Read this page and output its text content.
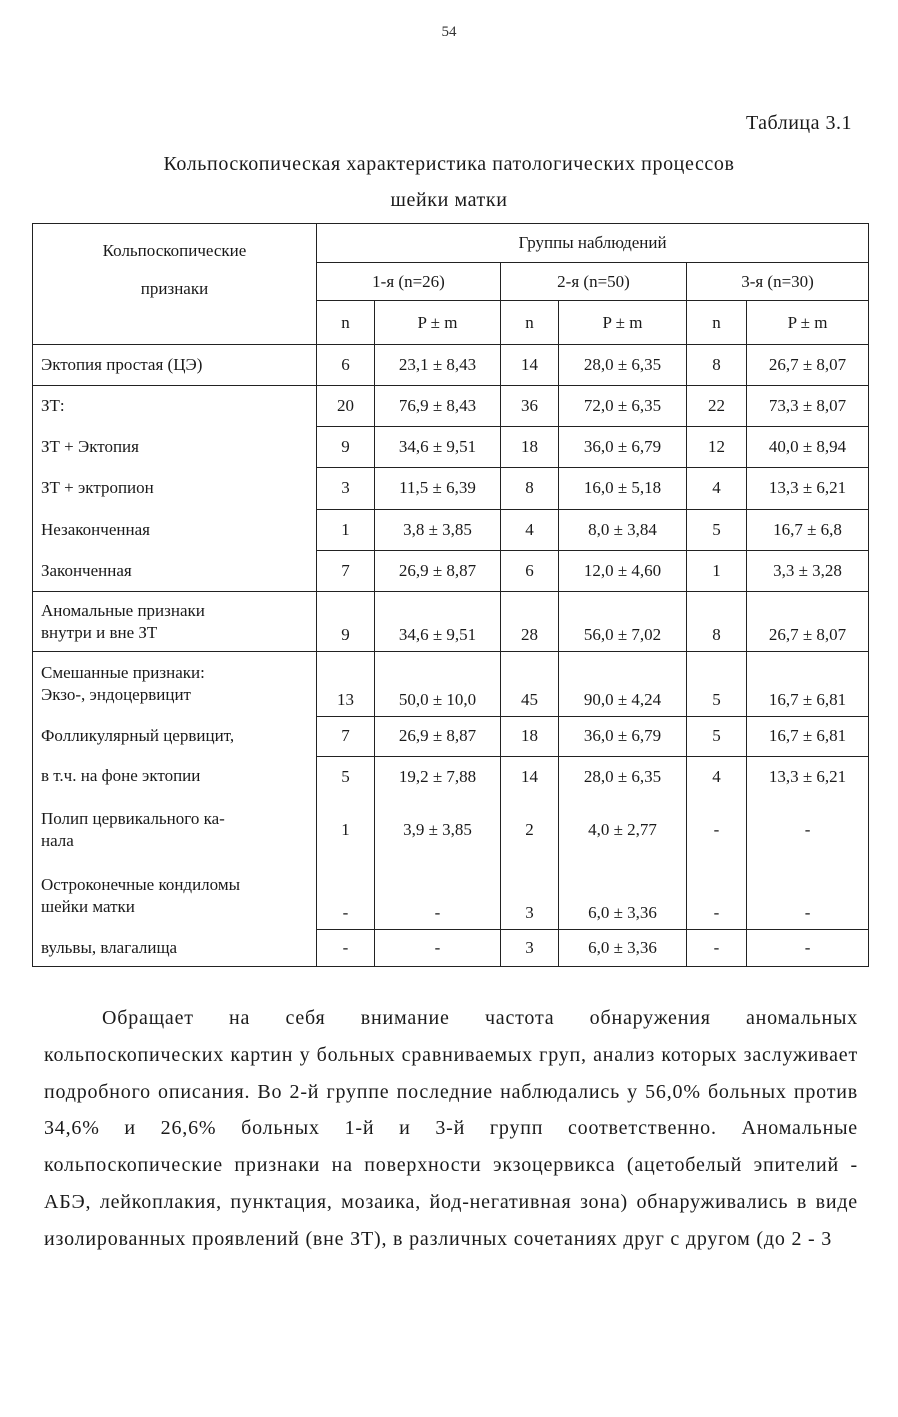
54
Таблица 3.1
Кольпоскопическая характеристика патологических процессов
шейки матки
Кольпоскопические
признаки	Группы наблюдений					
	1-я (n=26)		2-я (n=50)		3-я (n=30)	
	n	P ± m	n	P ± m	n	P ± m
Эктопия простая (ЦЭ)	6	23,1 ± 8,43	14	28,0 ± 6,35	8	26,7 ± 8,07
ЗТ:	20	76,9 ± 8,43	36	72,0 ± 6,35	22	73,3 ± 8,07
ЗТ + Эктопия	9	34,6 ± 9,51	18	36,0 ± 6,79	12	40,0 ± 8,94
ЗТ + эктропион	3	11,5 ± 6,39	8	16,0 ± 5,18	4	13,3 ± 6,21
Незаконченная	1	3,8 ± 3,85	4	8,0 ± 3,84	5	16,7 ± 6,8
Законченная	7	26,9 ± 8,87	6	12,0 ± 4,60	1	3,3 ± 3,28
Аномальные признаки
внутри и вне ЗТ	9	34,6 ± 9,51	28	56,0 ± 7,02	8	26,7 ± 8,07
Смешанные признаки:
Экзо-, эндоцервицит	13	50,0 ± 10,0	45	90,0 ± 4,24	5	16,7 ± 6,81
Фолликулярный цервицит,	7	26,9 ± 8,87	18	36,0 ± 6,79	5	16,7 ± 6,81
в т.ч. на фоне эктопии	5	19,2 ± 7,88	14	28,0 ± 6,35	4	13,3 ± 6,21
Полип цервикального ка-
нала	1	3,9 ± 3,85	2	4,0 ± 2,77	-	-
Остроконечные кондиломы
шейки матки	-	-	3	6,0 ± 3,36	-	-
вульвы, влагалища	-	-	3	6,0 ± 3,36	-	-

Обращает на себя внимание частота обнаружения аномальных кольпоскопических картин у больных сравниваемых груп, анализ которых заслуживает подробного описания. Во 2-й группе последние наблюдались у 56,0% больных против 34,6% и 26,6% больных 1-й и 3-й групп соответственно. Аномальные кольпоскопические признаки на поверхности экзоцервикса (ацетобелый эпителий - АБЭ, лейкоплакия, пунктация, мозаика, йод-негативная зона) обнаруживались в виде изолированных проявлений (вне ЗТ), в различных сочетаниях друг с другом (до 2 - 3
